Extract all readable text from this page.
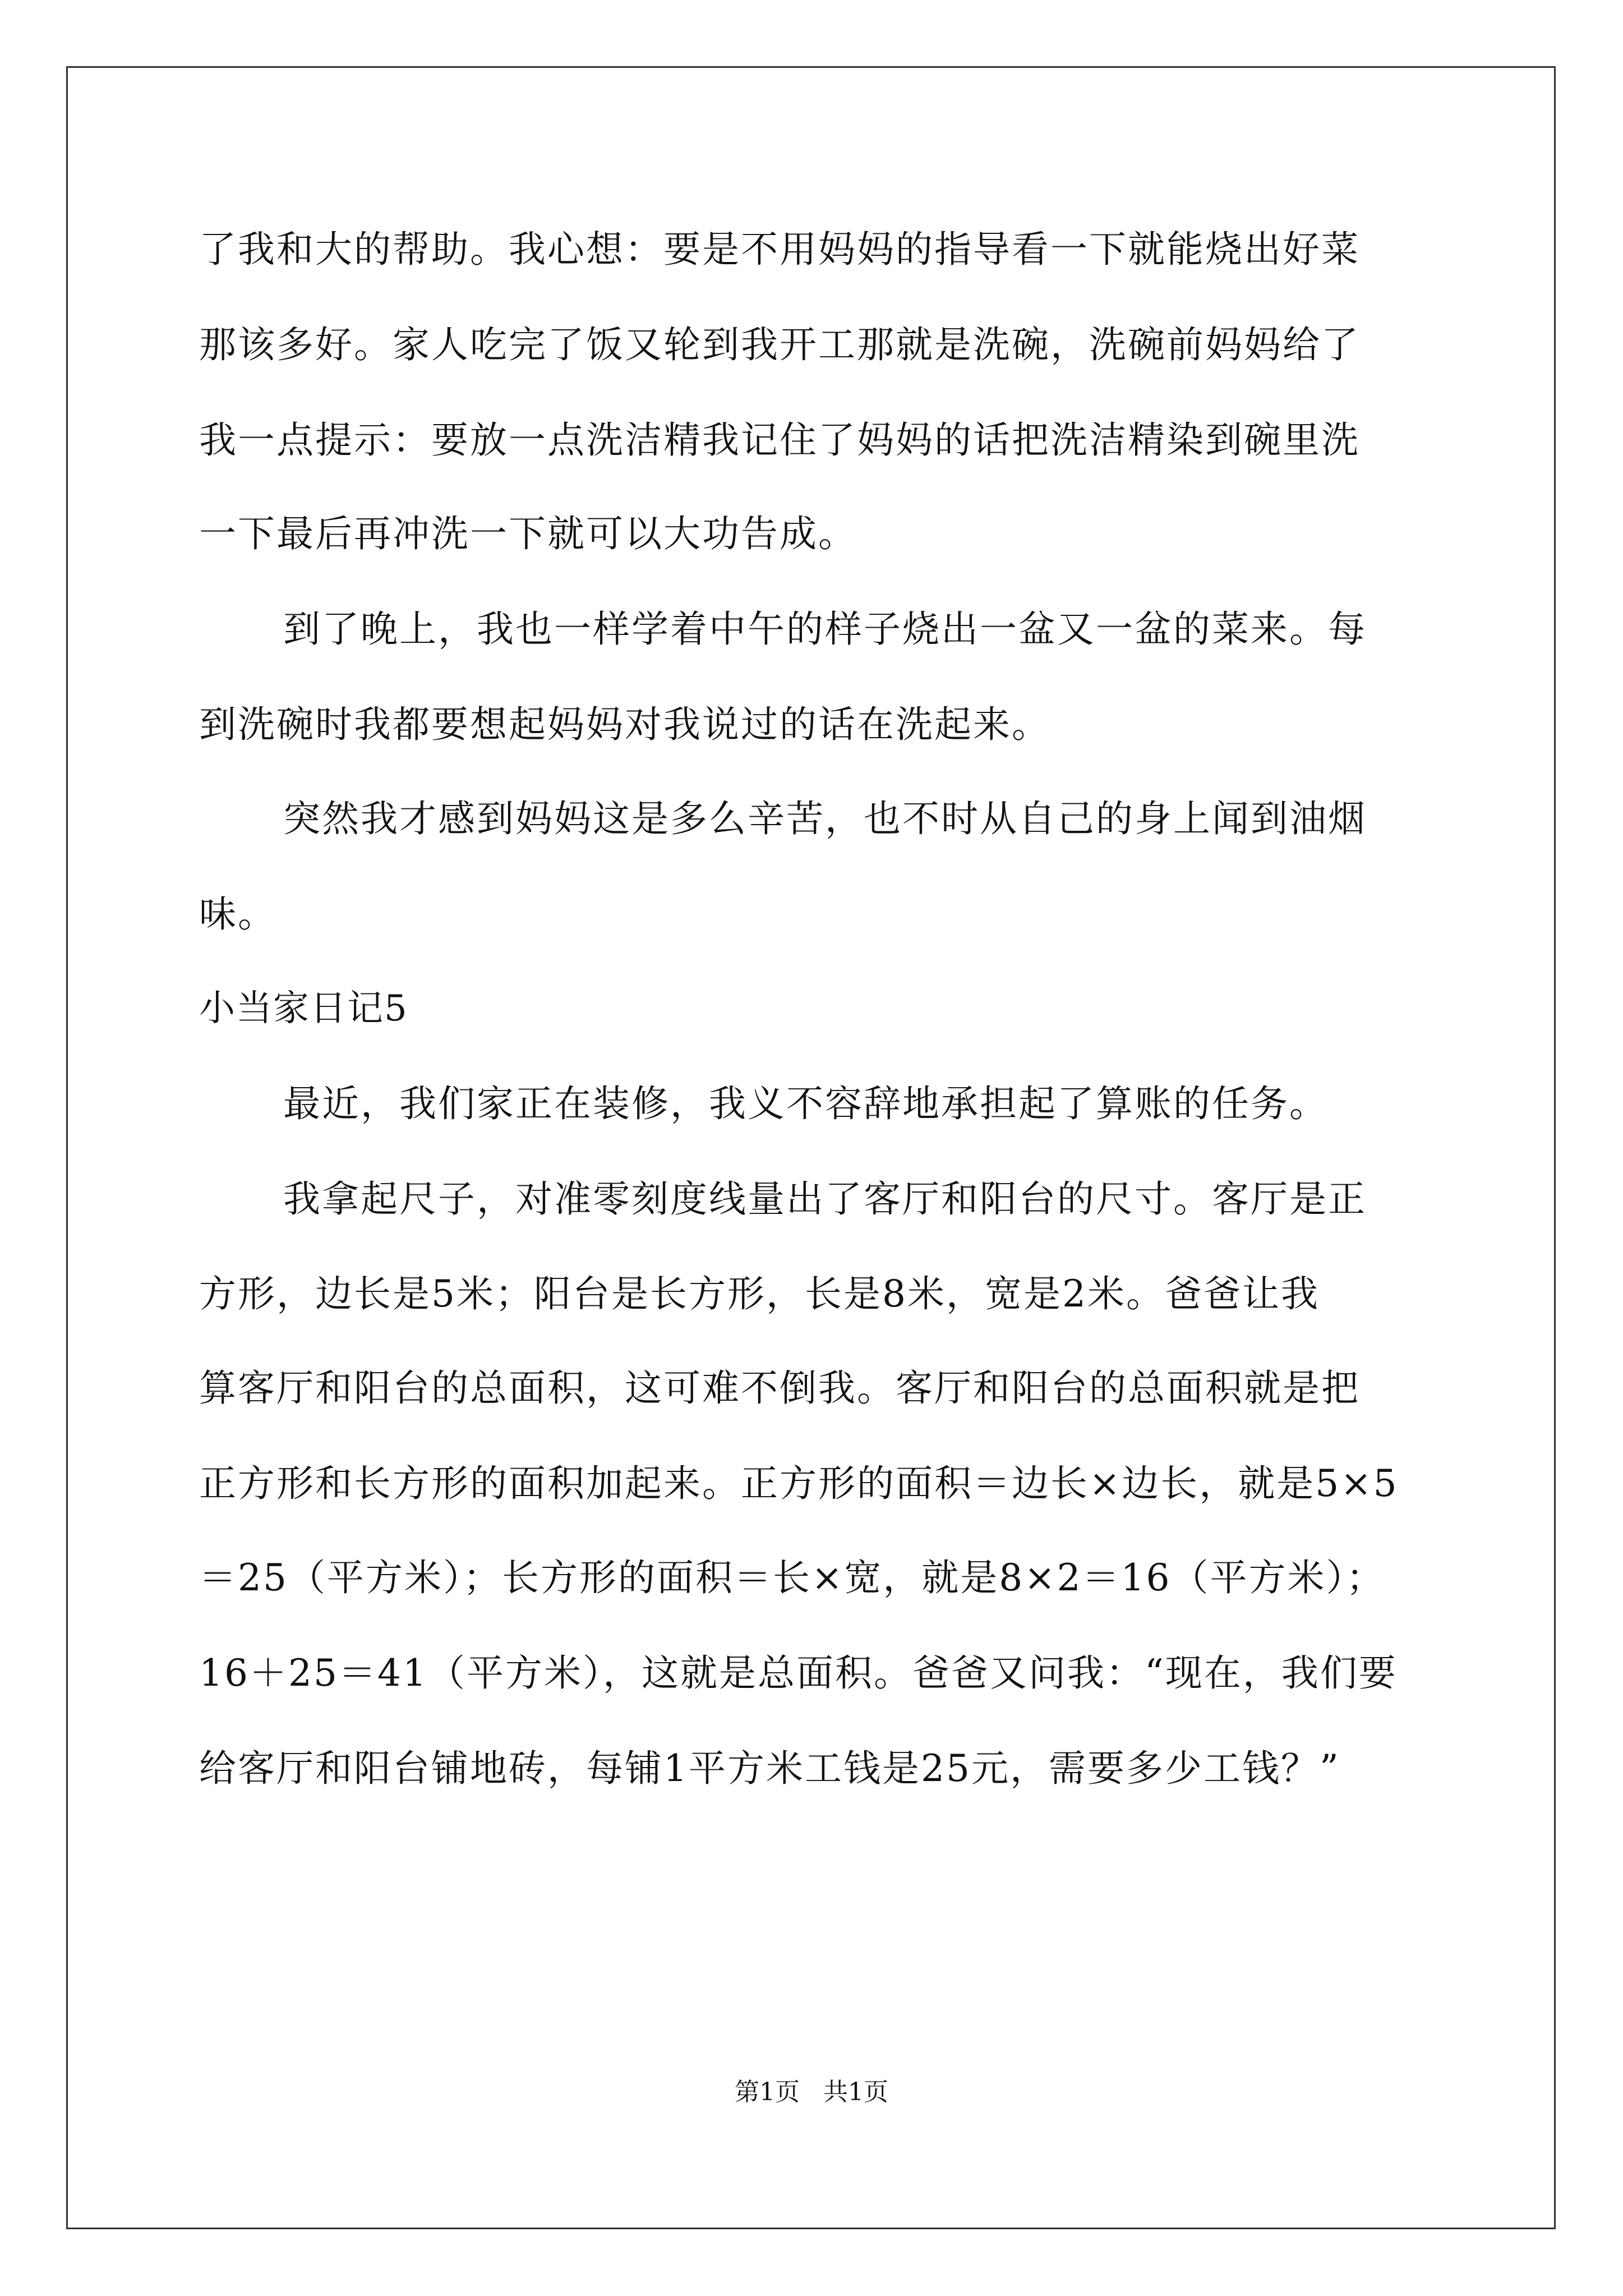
了我和大的帮助。我心想：要是不用妈妈的指导看一下就能烧出好菜
那该多好。家人吃完了饭又轮到我开工那就是洗碗，洗碗前妈妈给了
我一点提示：要放一点洗洁精我记住了妈妈的话把洗洁精染到碗里洗
一下最后再冲洗一下就可以大功告成。
到了晚上，我也一样学着中午的样子烧出一盆又一盆的菜来。每
到洗碗时我都要想起妈妈对我说过的话在洗起来。
突然我才感到妈妈这是多么辛苦，也不时从自己的身上闻到油烟
味。
小当家日记5
最近，我们家正在装修，我义不容辞地承担起了算账的任务。
我拿起尺子，对准零刻度线量出了客厅和阳台的尺寸。客厅是正
方形，边长是5米；阳台是长方形，长是8米，宽是2米。爸爸让我
算客厅和阳台的总面积，这可难不倒我。客厅和阳台的总面积就是把
正方形和长方形的面积加起来。正方形的面积＝边长×边长，就是5×5
＝25（平方米）；长方形的面积＝长×宽，就是8×2＝16（平方米）；
16＋25＝41（平方米），这就是总面积。爸爸又问我：“现在，我们要
给客厅和阳台铺地砖，每铺1平方米工钱是25元，需要多少工钱？”
第1页   共1页
